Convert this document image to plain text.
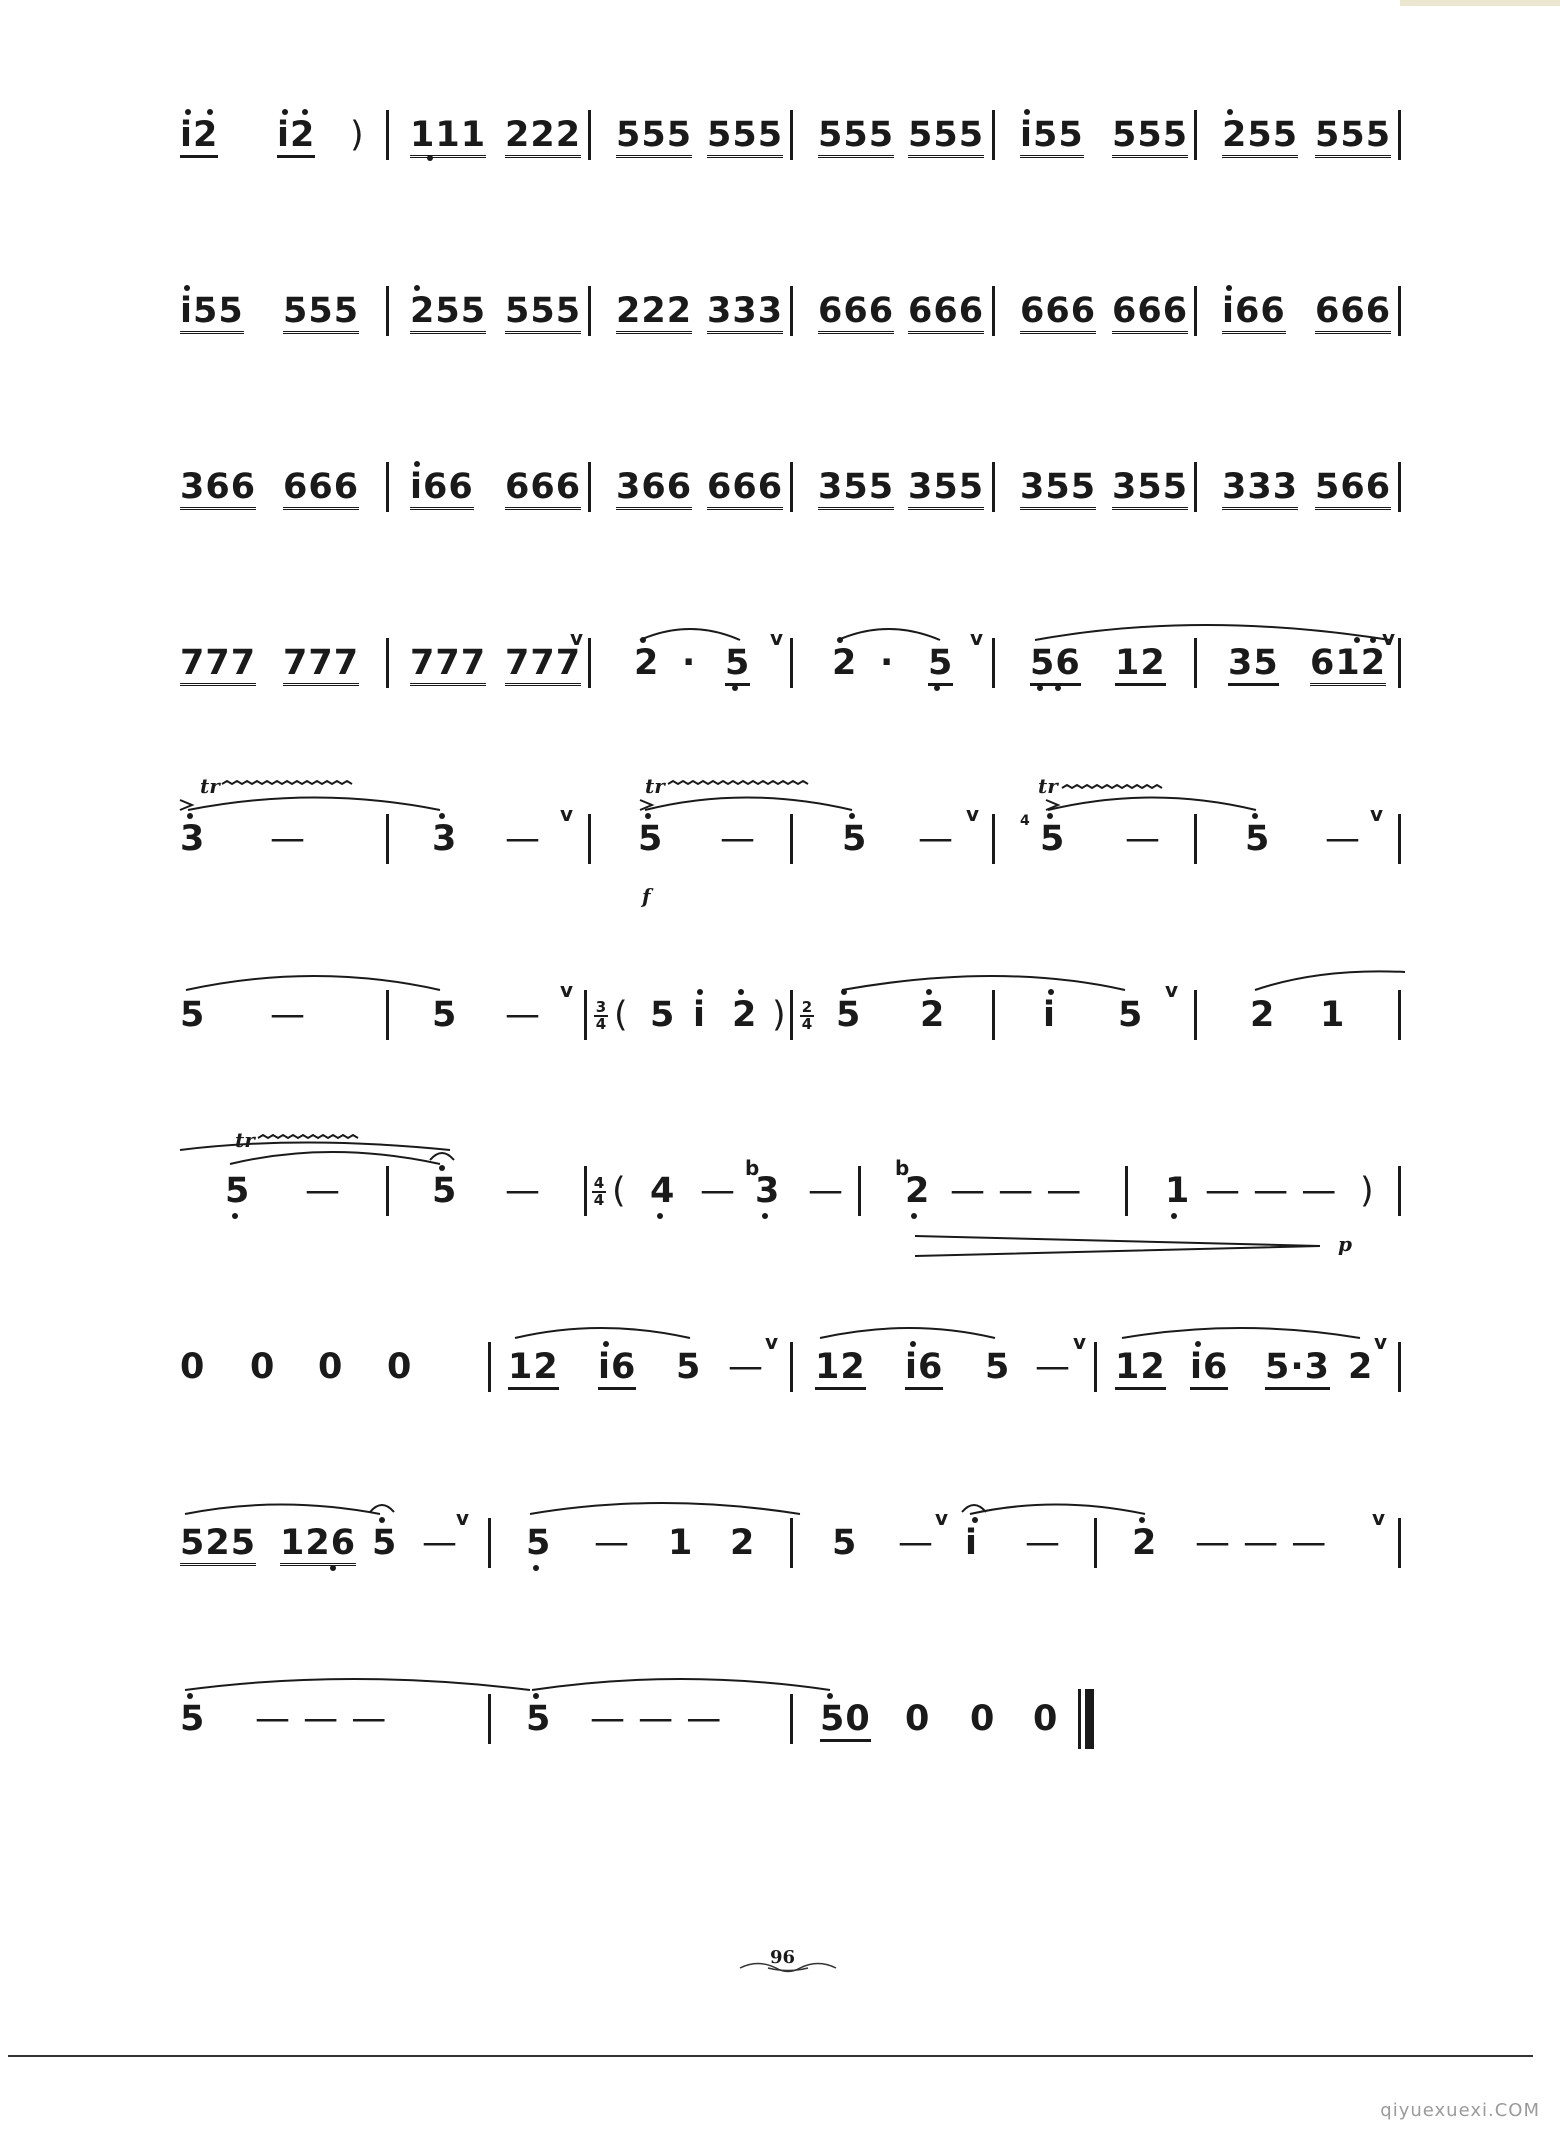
i2 i2 ) 111 222 555 555 555 555 i55 555 255 555
i55 555 255 555 222 333 666 666 666 666 i66 666
366 666 i66 666 366 666 355 355 355 355 333 566
777 777 777 777
v
2 · 5
v
2 · 5
v
56 12 35 612
v
tr
3 —	3 —
v
tr
5 — 5 —
v	4
tr
5 — 5 —
v
f
5 —	5 —
v
3
4 ( 5 i 2 ) 2
4 5 2	i 5
v
2 1
tr
5 —	5 —	4
4 ( 4 —
b
3 —
b
2 — — — 1 — — — )
p
0 0 0 0	12 i6 5 —
v
12 i6 5 —
v
12 i6 5·3 2
v
525 126 5 —
v
5 — 1 2 5 —
v
i — 2 — — —
v
5 — — —	5 — — —	50 0 0 0
96
qiyuexuexi.COM
